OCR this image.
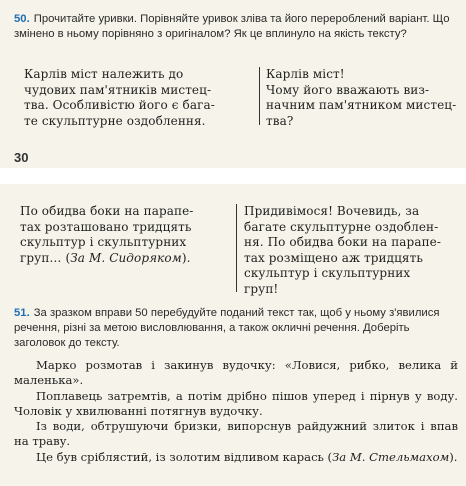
50. Прочитайте уривки. Порівняйте уривок зліва та його перероблений варіант. Що змінено в ньому порівняно з оригіналом? Як це вплинуло на якість тексту?
Карлів міст належить до
чудових пам'ятників мистец-
тва. Особливістю його є бага-
те скульптурне оздоблення.
Карлів міст!
Чому його вважають виз-
начним пам'ятником мистец-
тва?
30
По обидва боки на парапе-
тах розташовано тридцять
скульптур і скульптурних
груп… (За М. Сидоряком).
Придивімося! Вочевидь, за
багате скульптурне оздоблен-
ня. По обидва боки на парапе-
тах розміщено аж тридцять
скульптур і скульптурних
груп!
51. За зразком вправи 50 перебудуйте поданий текст так, щоб у ньому з'явилися речення, різні за метою висловлювання, а також окличні речення. Доберіть заголовок до тексту.

Марко розмотав і закинув вудочку: «Ловися, рибко, велика й маленька».

Поплавець затремтів, а потім дрібно пішов уперед і пірнув у воду. Чоловік у хвилюванні потягнув вудочку.

Із води, обтрушуючи бризки, випорснув райдужний злиток і впав на траву.

Це був сріблястий, із золотим відливом карась (За М. Стельмахом).
